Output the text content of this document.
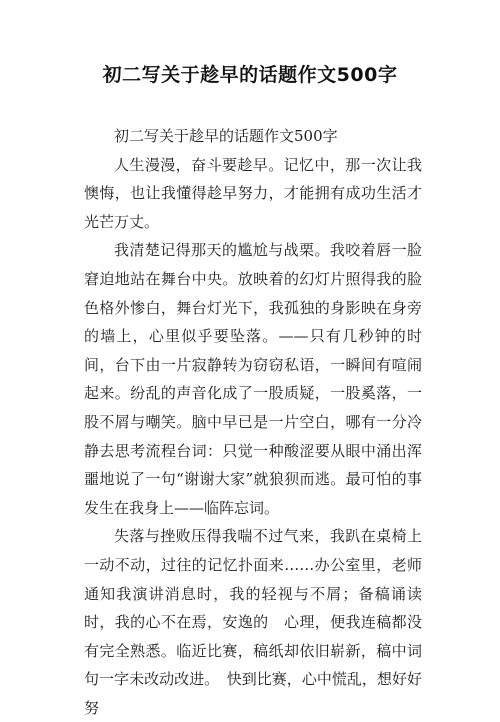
初二写关于趁早的话题作文500字

初二写关于趁早的话题作文500字

人生漫漫，奋斗要趁早。记忆中，那一次让我懊悔，也让我懂得趁早努力，才能拥有成功生活才光芒万丈。

我清楚记得那天的尴尬与战栗。我咬着唇一脸窘迫地站在舞台中央。放映着的幻灯片照得我的脸色格外惨白，舞台灯光下，我孤独的身影映在身旁的墙上，心里似乎要坠落。——只有几秒钟的时间，台下由一片寂静转为窃窃私语，一瞬间有喧闹起来。纷乱的声音化成了一股质疑，一股奚落，一股不屑与嘲笑。脑中早已是一片空白，哪有一分冷静去思考流程台词：只觉一种酸涩要从眼中涌出浑噩地说了一句“谢谢大家”就狼狈而逃。最可怕的事发生在我身上——临阵忘词。

失落与挫败压得我喘不过气来，我趴在桌椅上一动不动，过往的记忆扑面来……办公室里，老师通知我演讲消息时，我的轻视与不屑；备稿诵读时，我的心不在焉，安逸的　心理，便我连稿都没有完全熟悉。临近比赛，稿纸却依旧崭新，稿中词句一字未改动改进。　快到比赛，心中慌乱，想好好努
